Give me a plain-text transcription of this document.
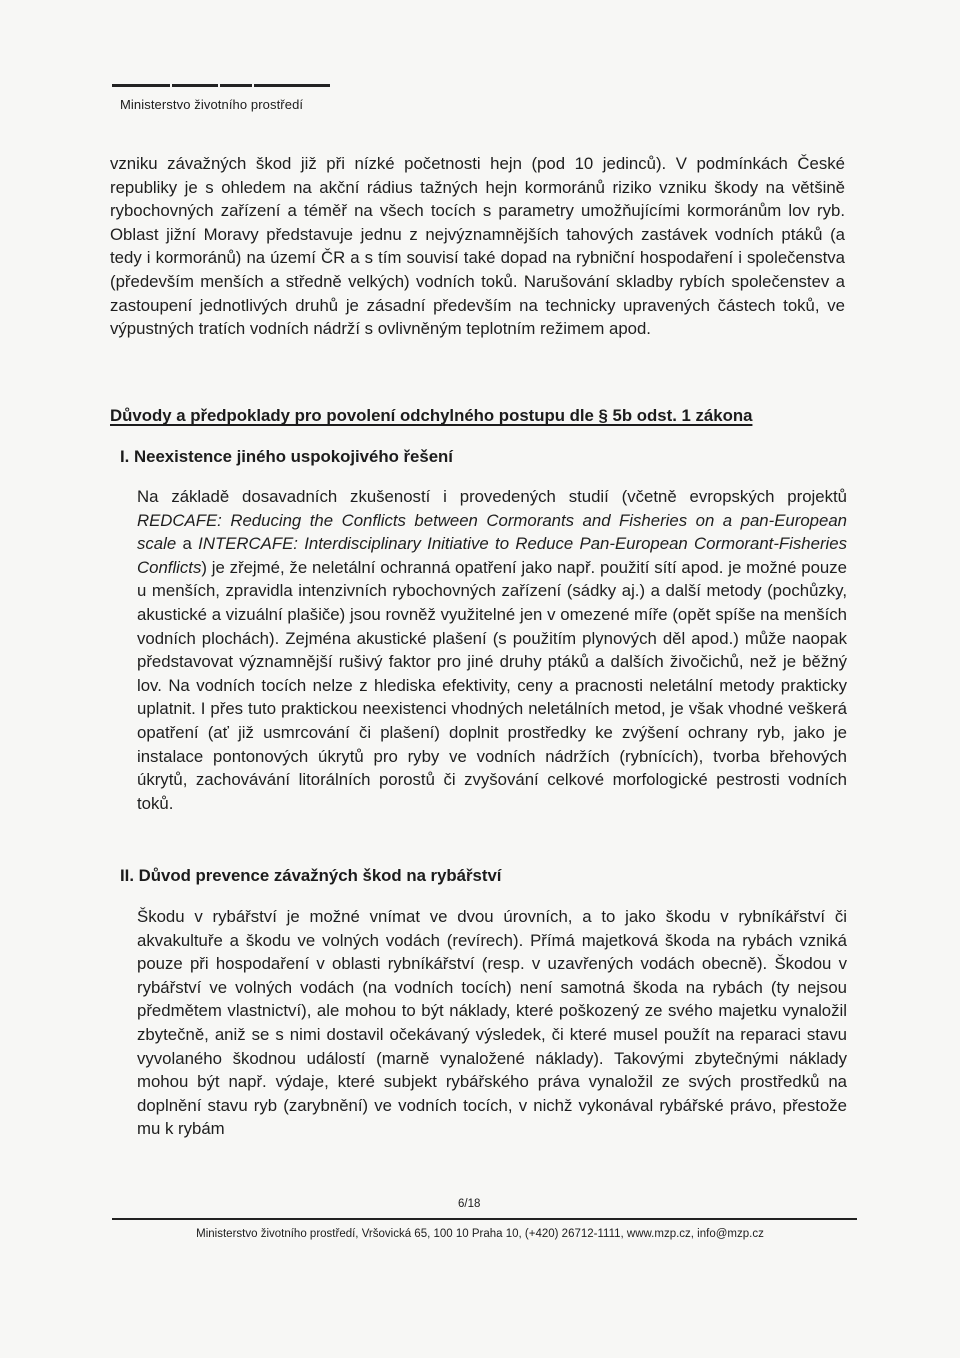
Ministerstvo životního prostředí
vzniku závažných škod již při nízké početnosti hejn (pod 10 jedinců). V podmínkách České republiky je s ohledem na akční rádius tažných hejn kormoránů riziko vzniku škody na většině rybochovných zařízení a téměř na všech tocích s parametry umožňujícími kormoránům lov ryb. Oblast jižní Moravy představuje jednu z nejvýznamnějších tahových zastávek vodních ptáků (a tedy i kormoránů) na území ČR a s tím souvisí také dopad na rybniční hospodaření i společenstva (především menších a středně velkých) vodních toků. Narušování skladby rybích společenstev a zastoupení jednotlivých druhů je zásadní především na technicky upravených částech toků, ve výpustných tratích vodních nádrží s ovlivněným teplotním režimem apod.
Důvody a předpoklady pro povolení odchylného postupu dle § 5b odst. 1 zákona
I. Neexistence jiného uspokojivého řešení
Na základě dosavadních zkušeností i provedených studií (včetně evropských projektů REDCAFE: Reducing the Conflicts between Cormorants and Fisheries on a pan-European scale a INTERCAFE: Interdisciplinary Initiative to Reduce Pan-European Cormorant-Fisheries Conflicts) je zřejmé, že neletální ochranná opatření jako např. použití sítí apod. je možné pouze u menších, zpravidla intenzivních rybochovných zařízení (sádky aj.) a další metody (pochůzky, akustické a vizuální plašiče) jsou rovněž využitelné jen v omezené míře (opět spíše na menších vodních plochách). Zejména akustické plašení (s použitím plynových děl apod.) může naopak představovat významnější rušivý faktor pro jiné druhy ptáků a dalších živočichů, než je běžný lov. Na vodních tocích nelze z hlediska efektivity, ceny a pracnosti neletální metody prakticky uplatnit. I přes tuto praktickou neexistenci vhodných neletálních metod, je však vhodné veškerá opatření (ať již usmrcování či plašení) doplnit prostředky ke zvýšení ochrany ryb, jako je instalace pontonových úkrytů pro ryby ve vodních nádržích (rybnících), tvorba břehových úkrytů, zachovávání litorálních porostů či zvyšování celkové morfologické pestrosti vodních toků.
II. Důvod prevence závažných škod na rybářství
Škodu v rybářství je možné vnímat ve dvou úrovních, a to jako škodu v rybníkářství či akvakultuře a škodu ve volných vodách (revírech). Přímá majetková škoda na rybách vzniká pouze při hospodaření v oblasti rybníkářství (resp. v uzavřených vodách obecně). Škodou v rybářství ve volných vodách (na vodních tocích) není samotná škoda na rybách (ty nejsou předmětem vlastnictví), ale mohou to být náklady, které poškozený ze svého majetku vynaložil zbytečně, aniž se s nimi dostavil očekávaný výsledek, či které musel použít na reparaci stavu vyvolaného škodnou událostí (marně vynaložené náklady). Takovými zbytečnými náklady mohou být např. výdaje, které subjekt rybářského práva vynaložil ze svých prostředků na doplnění stavu ryb (zarybnění) ve vodních tocích, v nichž vykonával rybářské právo, přestože mu k rybám
6/18
Ministerstvo životního prostředí, Vršovická 65, 100 10 Praha 10, (+420) 26712-1111, www.mzp.cz, info@mzp.cz
